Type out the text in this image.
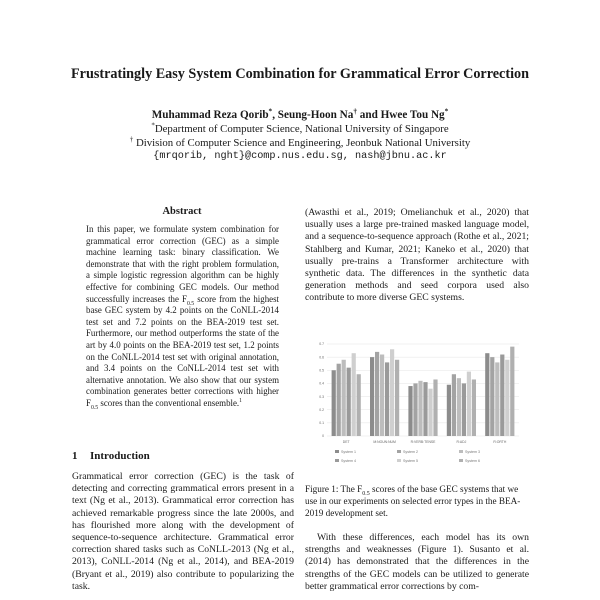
Frustratingly Easy System Combination for Grammatical Error Correction
Muhammad Reza Qorib*, Seung-Hoon Na† and Hwee Tou Ng*
*Department of Computer Science, National University of Singapore
† Division of Computer Science and Engineering, Jeonbuk National University
{mrqorib, nght}@comp.nus.edu.sg, nash@jbnu.ac.kr
Abstract
In this paper, we formulate system combination for grammatical error correction (GEC) as a simple machine learning task: binary classification. We demonstrate that with the right problem formulation, a simple logistic regression algorithm can be highly effective for combining GEC models. Our method successfully increases the $F_{0.5}$ score from the highest base GEC system by 4.2 points on the CoNLL-2014 test set and 7.2 points on the BEA-2019 test set. Furthermore, our method outperforms the state of the art by 4.0 points on the BEA-2019 test set, 1.2 points on the CoNLL-2014 test set with original annotation, and 3.4 points on the CoNLL-2014 test set with alternative annotation. We also show that our system combination generates better corrections with higher $F_{0.5}$ scores than the conventional ensemble.$^1$
1 Introduction
Grammatical error correction (GEC) is the task of detecting and correcting grammatical errors present in a text (Ng et al., 2013). Grammatical error correction has achieved remarkable progress since the late 2000s, and has flourished more along with the development of sequence-to-sequence architecture. Grammatical error correction shared tasks such as CoNLL-2013 (Ng et al., 2013), CoNLL-2014 (Ng et al., 2014), and BEA-2019 (Bryant et al., 2019) also contribute to popularizing the task.
(Awasthi et al., 2019; Omelianchuk et al., 2020) that usually uses a large pre-trained masked language model, and a sequence-to-sequence approach (Rothe et al., 2021; Stahlberg and Kumar, 2021; Kaneko et al., 2020) that usually pre-trains a Transformer architecture with synthetic data. The differences in the synthetic data generation methods and seed corpora used also contribute to more diverse GEC systems.
0
0.1
0.2
0.3
0.4
0.5
0.6
0.7
DET	M:NOUN:NUM	R:VERB:TENSE	R:ADJ	R:ORTH
System 1	System 2	System 3
System 4	System 5	System 6
Figure 1: The $F_{0.5}$ scores of the base GEC systems that we use in our experiments on selected error types in the BEA-2019 development set.
With these differences, each model has its own strengths and weaknesses (Figure 1). Susanto et al. (2014) has demonstrated that the differences in the strengths of the GEC models can be utilized to generate better grammatical error corrections by com-
